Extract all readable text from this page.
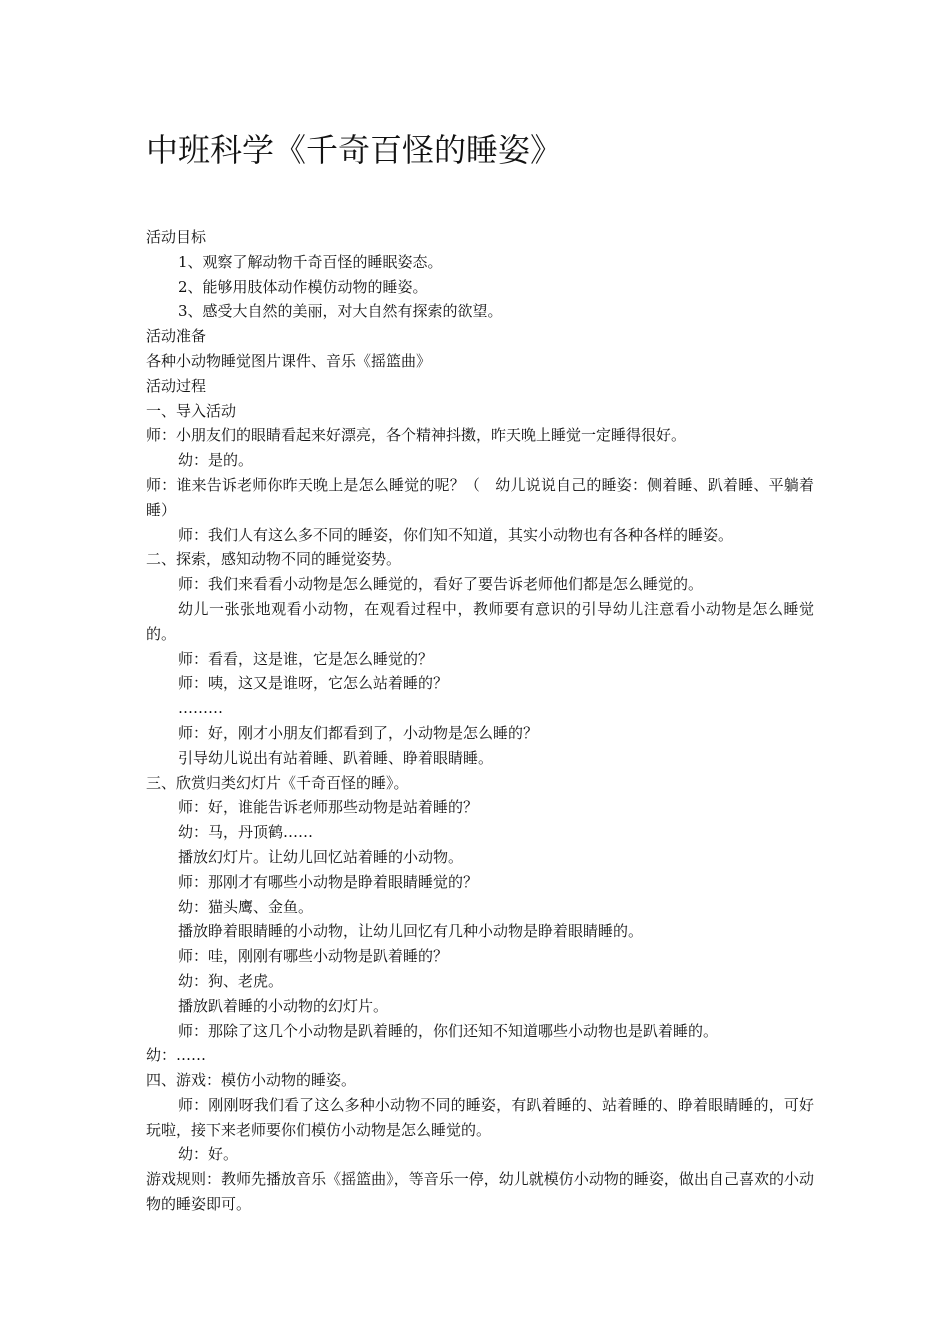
中班科学《千奇百怪的睡姿》

活动目标

1、观察了解动物千奇百怪的睡眠姿态。

2、能够用肢体动作模仿动物的睡姿。

3、感受大自然的美丽，对大自然有探索的欲望。

活动准备

各种小动物睡觉图片课件、音乐《摇篮曲》

活动过程

一、导入活动

师：小朋友们的眼睛看起来好漂亮，各个精神抖擞，昨天晚上睡觉一定睡得很好。

幼：是的。

师：谁来告诉老师你昨天晚上是怎么睡觉的呢？（　幼儿说说自己的睡姿：侧着睡、趴着睡、平躺着睡）

师：我们人有这么多不同的睡姿，你们知不知道，其实小动物也有各种各样的睡姿。

二、探索，感知动物不同的睡觉姿势。

师：我们来看看小动物是怎么睡觉的，看好了要告诉老师他们都是怎么睡觉的。

幼儿一张张地观看小动物，在观看过程中，教师要有意识的引导幼儿注意看小动物是怎么睡觉的。

师：看看，这是谁，它是怎么睡觉的？

师：咦，这又是谁呀，它怎么站着睡的？

………

师：好，刚才小朋友们都看到了，小动物是怎么睡的？

引导幼儿说出有站着睡、趴着睡、睁着眼睛睡。

三、欣赏归类幻灯片《千奇百怪的睡》。

师：好，谁能告诉老师那些动物是站着睡的？

幼：马，丹顶鹤……

播放幻灯片。让幼儿回忆站着睡的小动物。

师：那刚才有哪些小动物是睁着眼睛睡觉的？

幼：猫头鹰、金鱼。

播放睁着眼睛睡的小动物，让幼儿回忆有几种小动物是睁着眼睛睡的。

师：哇，刚刚有哪些小动物是趴着睡的？

幼：狗、老虎。

播放趴着睡的小动物的幻灯片。

师：那除了这几个小动物是趴着睡的，你们还知不知道哪些小动物也是趴着睡的。

幼：……

四、游戏：模仿小动物的睡姿。

师：刚刚呀我们看了这么多种小动物不同的睡姿，有趴着睡的、站着睡的、睁着眼睛睡的，可好玩啦，接下来老师要你们模仿小动物是怎么睡觉的。

幼：好。

游戏规则：教师先播放音乐《摇篮曲》，等音乐一停，幼儿就模仿小动物的睡姿，做出自己喜欢的小动物的睡姿即可。
